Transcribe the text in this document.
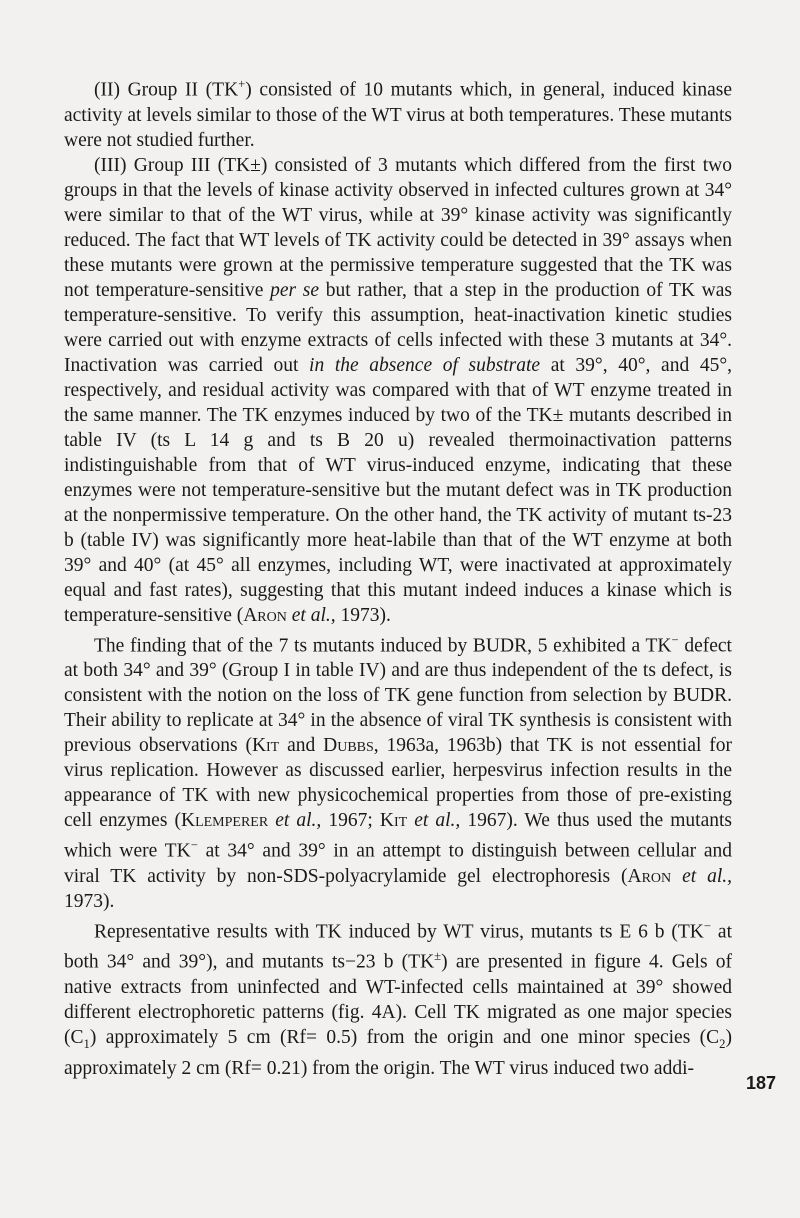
(II) Group II (TK+) consisted of 10 mutants which, in general, induced kinase activity at levels similar to those of the WT virus at both temperatures. These mutants were not studied further.

(III) Group III (TK±) consisted of 3 mutants which differed from the first two groups in that the levels of kinase activity observed in infected cultures grown at 34° were similar to that of the WT virus, while at 39° kinase activity was significantly reduced. The fact that WT levels of TK activity could be detected in 39° assays when these mutants were grown at the permissive temperature suggested that the TK was not temperature-sensitive per se but rather, that a step in the production of TK was temperature-sensitive. To verify this assumption, heat-inactivation kinetic studies were carried out with enzyme extracts of cells infected with these 3 mutants at 34°. Inactivation was carried out in the absence of substrate at 39°, 40°, and 45°, respectively, and residual activity was compared with that of WT enzyme treated in the same manner. The TK enzymes induced by two of the TK± mutants described in table IV (ts L 14 g and ts B 20 u) revealed thermoinactivation patterns indistinguishable from that of WT virus-induced enzyme, indicating that these enzymes were not temperature-sensitive but the mutant defect was in TK production at the nonpermissive temperature. On the other hand, the TK activity of mutant ts-23 b (table IV) was significantly more heat-labile than that of the WT enzyme at both 39° and 40° (at 45° all enzymes, including WT, were inactivated at approximately equal and fast rates), suggesting that this mutant indeed induces a kinase which is temperature-sensitive (Aron et al., 1973).

The finding that of the 7 ts mutants induced by BUDR, 5 exhibited a TK− defect at both 34° and 39° (Group I in table IV) and are thus independent of the ts defect, is consistent with the notion on the loss of TK gene function from selection by BUDR. Their ability to replicate at 34° in the absence of viral TK synthesis is consistent with previous observations (Kit and Dubbs, 1963a, 1963b) that TK is not essential for virus replication. However as discussed earlier, herpesvirus infection results in the appearance of TK with new physicochemical properties from those of pre-existing cell enzymes (Klemperer et al., 1967; Kit et al., 1967). We thus used the mutants which were TK− at 34° and 39° in an attempt to distinguish between cellular and viral TK activity by non-SDS-polyacrylamide gel electrophoresis (Aron et al., 1973).

Representative results with TK induced by WT virus, mutants ts E 6 b (TK− at both 34° and 39°), and mutants ts−23 b (TK±) are presented in figure 4. Gels of native extracts from uninfected and WT-infected cells maintained at 39° showed different electrophoretic patterns (fig. 4A). Cell TK migrated as one major species $(C_1)$ approximately 5 cm (Rf= 0.5) from the origin and one minor species $(C_2)$ approximately 2 cm (Rf= 0.21) from the origin. The WT virus induced two addi-

187
